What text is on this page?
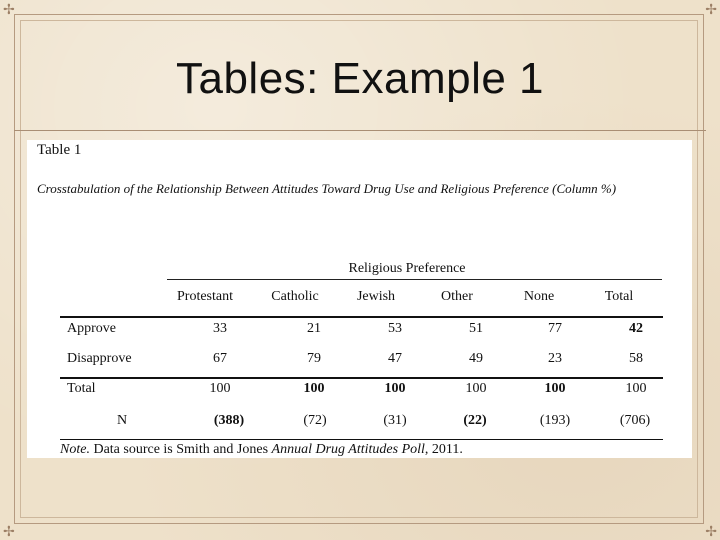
✢	✢
✢	✢
Tables: Example 1
Table 1
Crosstabulation of the Relationship Between Attitudes Toward Drug Use and Religious Preference (Column %)
Religious Preference
Protestant	Catholic	Jewish	Other	None	Total
Approve	33	21	53	51	77	42
Disapprove	67	79	47	49	23	58
Total	100	100	100	100	100	100
N	(388)	(72)	(31)	(22)	(193)	(706)
Note. Data source is Smith and Jones Annual Drug Attitudes Poll, 2011.
